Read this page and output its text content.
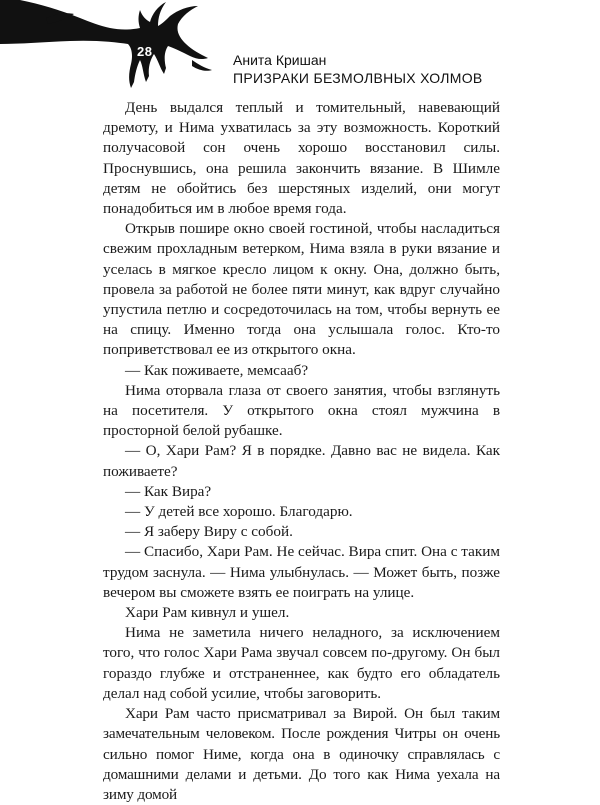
28
Анита Кришан
ПРИЗРАКИ БЕЗМОЛВНЫХ ХОЛМОВ

День выдался теплый и томительный, навевающий дремоту, и Нима ухватилась за эту возможность. Короткий получасовой сон очень хорошо восстановил силы. Проснувшись, она решила закончить вязание. В Шимле детям не обойтись без шерстяных изделий, они могут понадобиться им в любое время года.

Открыв пошире окно своей гостиной, чтобы насладиться свежим прохладным ветерком, Нима взяла в руки вязание и уселась в мягкое кресло лицом к окну. Она, должно быть, провела за работой не более пяти минут, как вдруг случайно упустила петлю и сосредоточилась на том, чтобы вернуть ее на спицу. Именно тогда она услышала голос. Кто-то поприветствовал ее из открытого окна.

— Как поживаете, мемсааб?

Нима оторвала глаза от своего занятия, чтобы взглянуть на посетителя. У открытого окна стоял мужчина в просторной белой рубашке.

— О, Хари Рам? Я в порядке. Давно вас не видела. Как поживаете?

— Как Вира?

— У детей все хорошо. Благодарю.

— Я заберу Виру с собой.

— Спасибо, Хари Рам. Не сейчас. Вира спит. Она с таким трудом заснула. — Нима улыбнулась. — Может быть, позже вечером вы сможете взять ее поиграть на улице.

Хари Рам кивнул и ушел.

Нима не заметила ничего неладного, за исключением того, что голос Хари Рама звучал совсем по-другому. Он был гораздо глубже и отстраненнее, как будто его обладатель делал над собой усилие, чтобы заговорить.

Хари Рам часто присматривал за Вирой. Он был таким замечательным человеком. После рождения Читры он очень сильно помог Ниме, когда она в одиночку справлялась с домашними делами и детьми. До того как Нима уехала на зиму домой
